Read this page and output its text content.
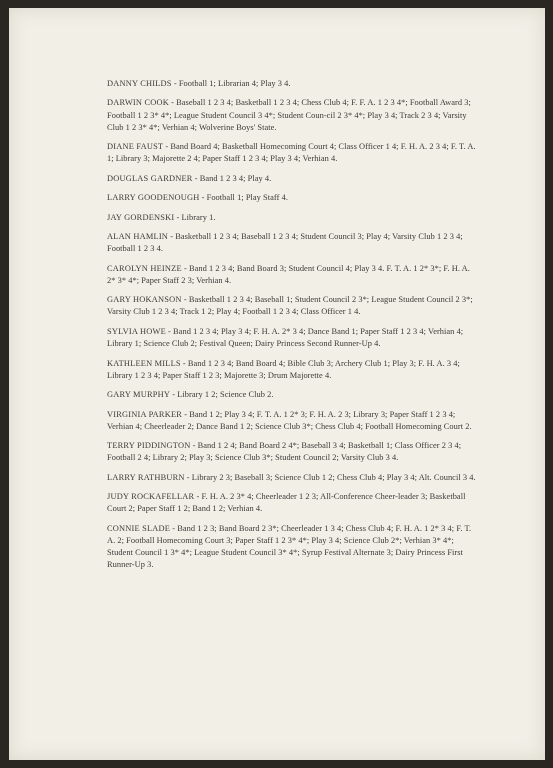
DANNY CHILDS - Football 1; Librarian 4; Play 3 4.

DARWIN COOK - Baseball 1 2 3 4; Basketball 1 2 3 4; Chess Club 4; F. F. A. 1 2 3 4*; Football Award 3; Football 1 2 3* 4*; League Student Council 3 4*; Student Coun-cil 2 3* 4*; Play 3 4; Track 2 3 4; Varsity Club 1 2 3* 4*; Verhian 4; Wolverine Boys' State.

DIANE FAUST - Band Board 4; Basketball Homecoming Court 4; Class Officer 1 4; F. H. A. 2 3 4; F. T. A. 1; Library 3; Majorette 2 4; Paper Staff 1 2 3 4; Play 3 4; Verhian 4.

DOUGLAS GARDNER - Band 1 2 3 4; Play 4.

LARRY GOODENOUGH - Football 1; Play Staff 4.

JAY GORDENSKI - Library 1.

ALAN HAMLIN - Basketball 1 2 3 4; Baseball 1 2 3 4; Student Council 3; Play 4; Varsity Club 1 2 3 4; Football 1 2 3 4.

CAROLYN HEINZE - Band 1 2 3 4; Band Board 3; Student Council 4; Play 3 4. F. T. A. 1 2* 3*; F. H. A. 2* 3* 4*; Paper Staff 2 3; Verhian 4.

GARY HOKANSON - Basketball 1 2 3 4; Baseball 1; Student Council 2 3*; League Student Council 2 3*; Varsity Club 1 2 3 4; Track 1 2; Play 4; Football 1 2 3 4; Class Officer 1 4.

SYLVIA HOWE - Band 1 2 3 4; Play 3 4; F. H. A. 2* 3 4; Dance Band 1; Paper Staff 1 2 3 4; Verhian 4; Library 1; Science Club 2; Festival Queen; Dairy Princess Second Runner-Up 4.

KATHLEEN MILLS - Band 1 2 3 4; Band Board 4; Bible Club 3; Archery Club 1; Play 3; F. H. A. 3 4; Library 1 2 3 4; Paper Staff 1 2 3; Majorette 3; Drum Majorette 4.

GARY MURPHY - Library 1 2; Science Club 2.

VIRGINIA PARKER - Band 1 2; Play 3 4; F. T. A. 1 2* 3; F. H. A. 2 3; Library 3; Paper Staff 1 2 3 4; Verhian 4; Cheerleader 2; Dance Band 1 2; Science Club 3*; Chess Club 4; Football Homecoming Court 2.

TERRY PIDDINGTON - Band 1 2 4; Band Board 2 4*; Baseball 3 4; Basketball 1; Class Officer 2 3 4; Football 2 4; Library 2; Play 3; Science Club 3*; Student Council 2; Varsity Club 3 4.

LARRY RATHBURN - Library 2 3; Baseball 3; Science Club 1 2; Chess Club 4; Play 3 4; Alt. Council 3 4.

JUDY ROCKAFELLAR - F. H. A. 2 3* 4; Cheerleader 1 2 3; All-Conference Cheer-leader 3; Basketball Court 2; Paper Staff 1 2; Band 1 2; Verhian 4.

CONNIE SLADE - Band 1 2 3; Band Board 2 3*; Cheerleader 1 3 4; Chess Club 4; F. H. A. 1 2* 3 4; F. T. A. 2; Football Homecoming Court 3; Paper Staff 1 2 3* 4*; Play 3 4; Science Club 2*; Verhian 3* 4*; Student Council 1 3* 4*; League Student Council 3* 4*; Syrup Festival Alternate 3; Dairy Princess First Runner-Up 3.
